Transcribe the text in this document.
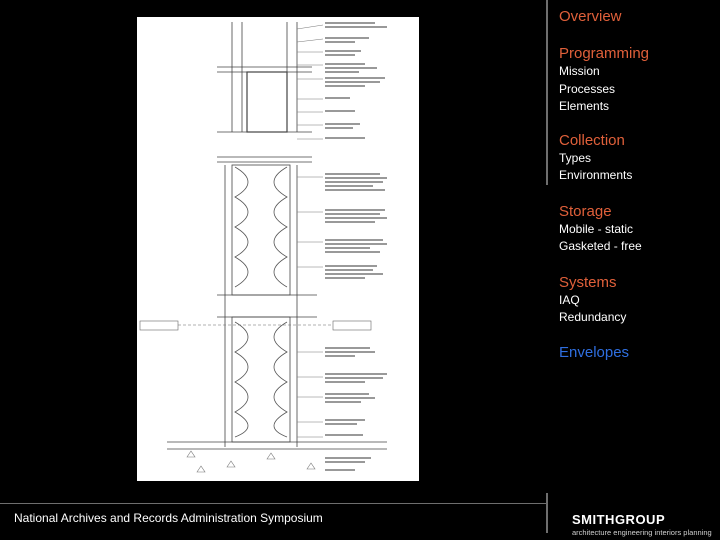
Overview
Programming
Mission
Processes
Elements
Collection
Types
Environments
Storage
Mobile - static
Gasketed - free
Systems
IAQ
Redundancy
Envelopes
National Archives and Records Administration Symposium	SMITHGROUP
architecture engineering interiors planning
